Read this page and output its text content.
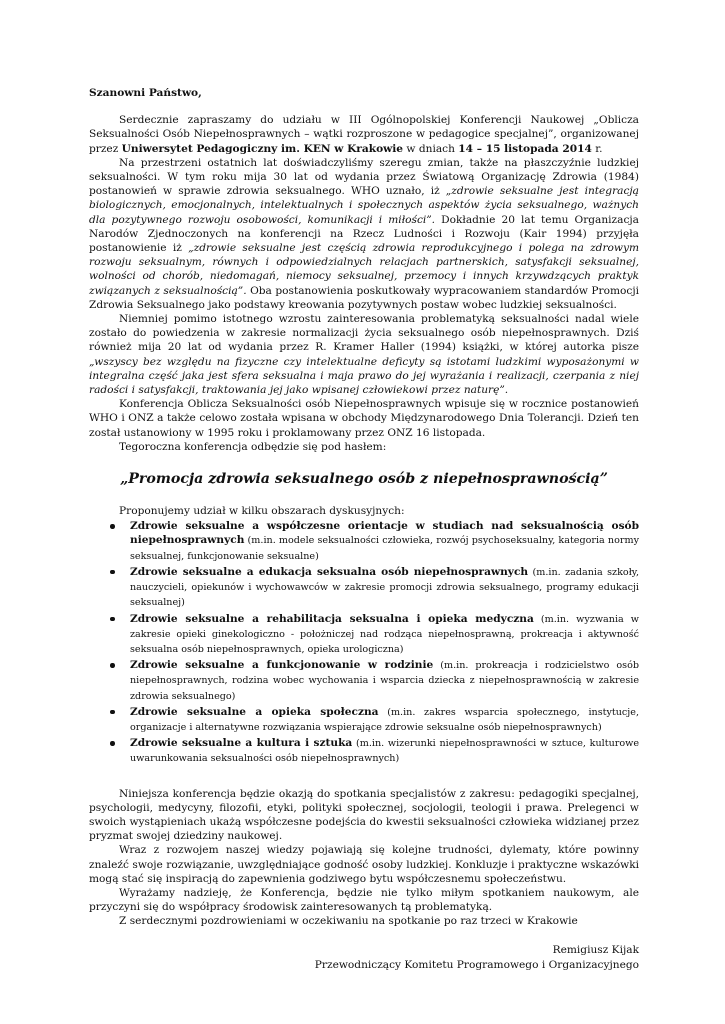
Szanowni Państwo,

Serdecznie zapraszamy do udziału w III Ogólnopolskiej Konferencji Naukowej „Oblicza Seksualności Osób Niepełnosprawnych – wątki rozproszone w pedagogice specjalnej”, organizowanej przez Uniwersytet Pedagogiczny im. KEN w Krakowie w dniach 14 – 15 listopada 2014 r.

Na przestrzeni ostatnich lat doświadczyliśmy szeregu zmian, także na płaszczyźnie ludzkiej seksualności. W tym roku mija 30 lat od wydania przez Światową Organizację Zdrowia (1984) postanowień w sprawie zdrowia seksualnego. WHO uznało, iż „zdrowie seksualne jest integracją biologicznych, emocjonalnych, intelektualnych i społecznych aspektów życia seksualnego, ważnych dla pozytywnego rozwoju osobowości, komunikacji i miłości”. Dokładnie 20 lat temu Organizacja Narodów Zjednoczonych na konferencji na Rzecz Ludności i Rozwoju (Kair 1994) przyjęła postanowienie iż „zdrowie seksualne jest częścią zdrowia reprodukcyjnego i polega na zdrowym rozwoju seksualnym, równych i odpowiedzialnych relacjach partnerskich, satysfakcji seksualnej, wolności od chorób, niedomagań, niemocy seksualnej, przemocy i innych krzywdzących praktyk związanych z seksualnością”. Oba postanowienia poskutkowały wypracowaniem standardów Promocji Zdrowia Seksualnego jako podstawy kreowania pozytywnych postaw wobec ludzkiej seksualności.

Niemniej pomimo istotnego wzrostu zainteresowania problematyką seksualności nadal wiele zostało do powiedzenia w zakresie normalizacji życia seksualnego osób niepełnosprawnych. Dziś również mija 20 lat od wydania przez R. Kramer Haller (1994) książki, w której autorka pisze „wszyscy bez względu na fizyczne czy intelektualne deficyty są istotami ludzkimi wyposażonymi w integralna część jaka jest sfera seksualna i maja prawo do jej wyrażania i realizacji, czerpania z niej radości i satysfakcji, traktowania jej jako wpisanej człowiekowi przez naturę”.

Konferencja Oblicza Seksualności osób Niepełnosprawnych wpisuje się w rocznice postanowień WHO i ONZ a także celowo została wpisana w obchody Międzynarodowego Dnia Tolerancji. Dzień ten został ustanowiony w 1995 roku i proklamowany przez ONZ 16 listopada.

Tegoroczna konferencja odbędzie się pod hasłem:

„Promocja zdrowia seksualnego osób z niepełnosprawnością”

Proponujemy udział w kilku obszarach dyskusyjnych:

Zdrowie seksualne a współczesne orientacje w studiach nad seksualnością osób niepełnosprawnych (m.in. modele seksualności człowieka, rozwój psychoseksualny, kategoria normy seksualnej, funkcjonowanie seksualne)
Zdrowie seksualne a edukacja seksualna osób niepełnosprawnych (m.in. zadania szkoły, nauczycieli, opiekunów i wychowawców w zakresie promocji zdrowia seksualnego, programy edukacji seksualnej)
Zdrowie seksualne a rehabilitacja seksualna i opieka medyczna (m.in. wyzwania w zakresie opieki ginekologiczno - położniczej nad rodząca niepełnosprawną, prokreacja i aktywność seksualna osób niepełnosprawnych, opieka urologiczna)
Zdrowie seksualne a funkcjonowanie w rodzinie (m.in. prokreacja i rodzicielstwo osób niepełnosprawnych, rodzina wobec wychowania i wsparcia dziecka z niepełnosprawnością w zakresie zdrowia seksualnego)
Zdrowie seksualne a opieka społeczna (m.in. zakres wsparcia społecznego, instytucje, organizacje i alternatywne rozwiązania wspierające zdrowie seksualne osób niepełnosprawnych)
Zdrowie seksualne a kultura i sztuka (m.in. wizerunki niepełnosprawności w sztuce, kulturowe uwarunkowania seksualności osób niepełnosprawnych)

Niniejsza konferencja będzie okazją do spotkania specjalistów z zakresu: pedagogiki specjalnej, psychologii, medycyny, filozofii, etyki, polityki społecznej, socjologii, teologii i prawa. Prelegenci w swoich wystąpieniach ukażą współczesne podejścia do kwestii seksualności człowieka widzianej przez pryzmat swojej dziedziny naukowej.

Wraz z rozwojem naszej wiedzy pojawiają się kolejne trudności, dylematy, które powinny znaleźć swoje rozwiązanie, uwzględniające godność osoby ludzkiej. Konkluzje i praktyczne wskazówki mogą stać się inspiracją do zapewnienia godziwego bytu współczesnemu społeczeństwu.

Wyrażamy nadzieję, że Konferencja, będzie nie tylko miłym spotkaniem naukowym, ale przyczyni się do współpracy środowisk zainteresowanych tą problematyką.

Z serdecznymi pozdrowieniami w oczekiwaniu na spotkanie po raz trzeci w Krakowie

Remigiusz Kijak
Przewodniczący Komitetu Programowego i Organizacyjnego
